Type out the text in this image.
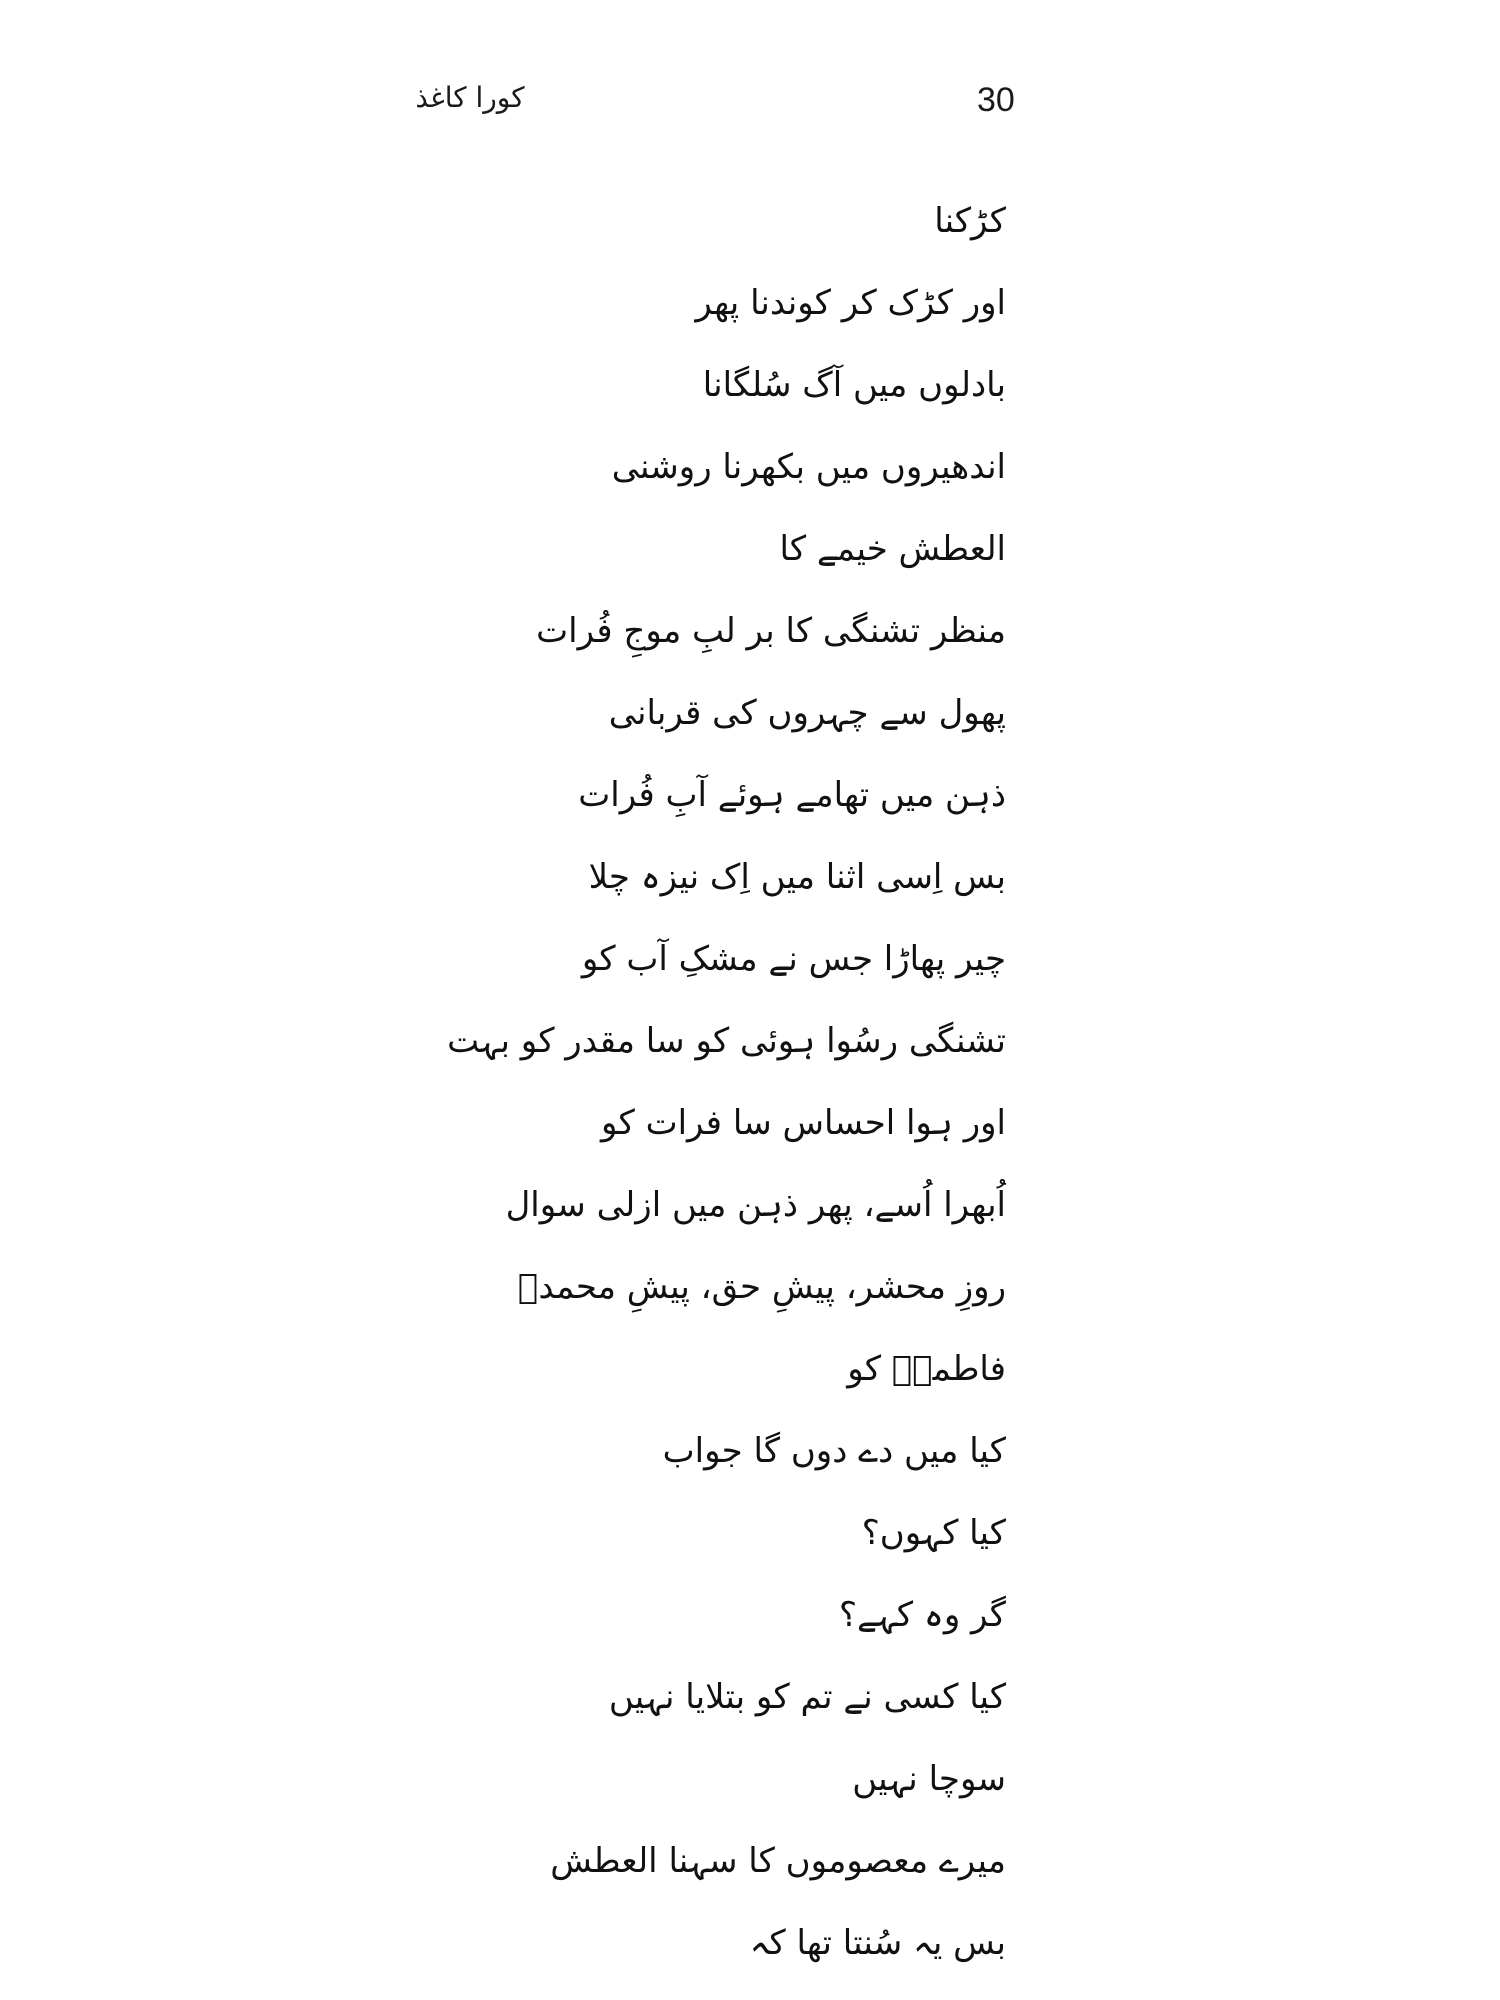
30
کورا کاغذ
کڑکنا
اور کڑک کر کوندنا پھر
بادلوں میں آگ سُلگانا
اندھیروں میں بکھرنا روشنی
العطش خیمے کا
منظر تشنگی کا بر لبِ موجِ فُرات
پھول سے چہروں کی قربانی
ذہن میں تھامے ہوئے آبِ فُرات
بس اِسی اثنا میں اِک نیزہ چلا
چیر پھاڑا جس نے مشکِ آب کو
تشنگی رسُوا ہوئی کو سا مقدر کو بہت
اور ہوا احساس سا فرات کو
اُبھرا اُسے، پھر ذہن میں ازلی سوال
روزِ محشر، پیشِ حق، پیشِ محمدؐ
فاطمہؓ کو
کیا میں دے دوں گا جواب
کیا کہوں؟
گر وہ کہے؟
کیا کسی نے تم کو بتلایا نہیں
سوچا نہیں
میرے معصوموں کا سہنا العطش
بس یہ سُنتا تھا کہ
